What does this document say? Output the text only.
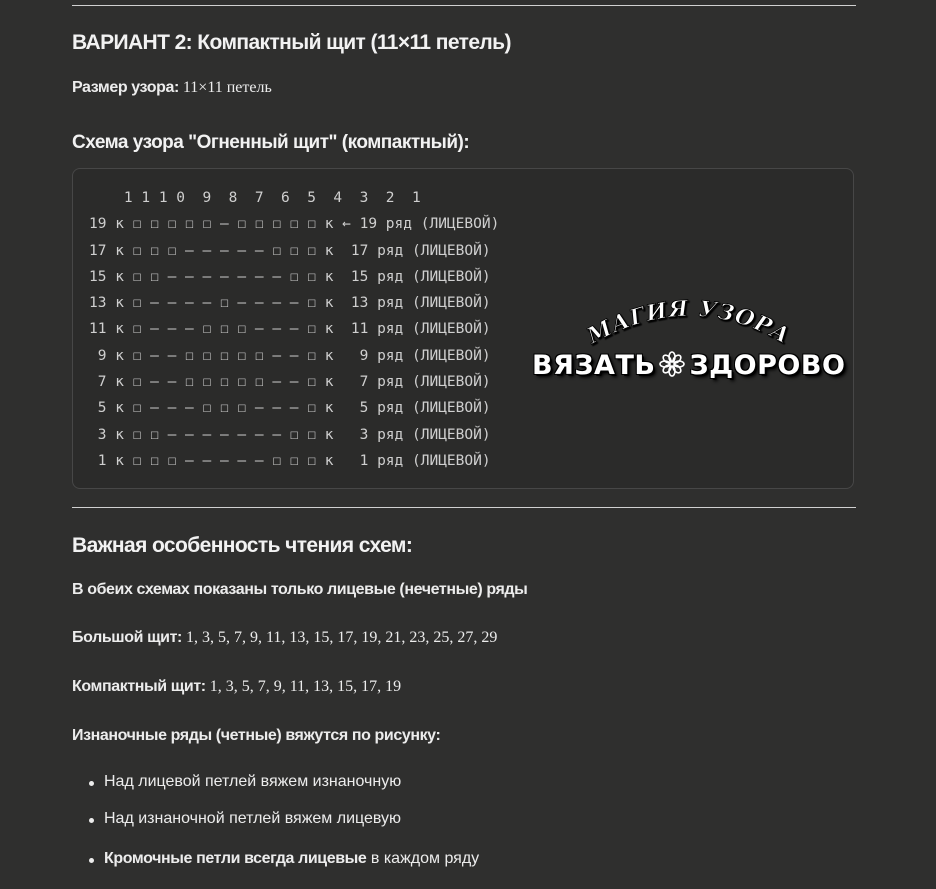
ВАРИАНТ 2: Компактный щит (11×11 петель)

Размер узора: 11×11 петель

Схема узора "Огненный щит" (компактный):
1 1 1 0  9  8  7  6  5  4  3  2  1
19 к ☐ ☐ ☐ ☐ ☐ — ☐ ☐ ☐ ☐ ☐ к ← 19 ряд (ЛИЦЕВОЙ)
17 к ☐ ☐ ☐ — — — — — ☐ ☐ ☐ к  17 ряд (ЛИЦЕВОЙ)
15 к ☐ ☐ — — — — — — — ☐ ☐ к  15 ряд (ЛИЦЕВОЙ)
13 к ☐ — — — — ☐ — — — — ☐ к  13 ряд (ЛИЦЕВОЙ)
11 к ☐ — — — ☐ ☐ ☐ — — — ☐ к  11 ряд (ЛИЦЕВОЙ)
9 к ☐ — — ☐ ☐ ☐ ☐ ☐ — — ☐ к   9 ряд (ЛИЦЕВОЙ)
7 к ☐ — — ☐ ☐ ☐ ☐ ☐ — — ☐ к   7 ряд (ЛИЦЕВОЙ)
5 к ☐ — — — ☐ ☐ ☐ — — — ☐ к   5 ряд (ЛИЦЕВОЙ)
3 к ☐ ☐ — — — — — — — ☐ ☐ к   3 ряд (ЛИЦЕВОЙ)
1 к ☐ ☐ ☐ — — — — — ☐ ☐ ☐ к   1 ряд (ЛИЦЕВОЙ)
МАГИЯ УЗОРА
ВЯЗАТЬ ЗДОРОВО
Важная особенность чтения схем:

В обеих схемах показаны только лицевые (нечетные) ряды

Большой щит: 1, 3, 5, 7, 9, 11, 13, 15, 17, 19, 21, 23, 25, 27, 29

Компактный щит: 1, 3, 5, 7, 9, 11, 13, 15, 17, 19

Изнаночные ряды (четные) вяжутся по рисунку:

Над лицевой петлей вяжем изнаночную
Над изнаночной петлей вяжем лицевую
Кромочные петли всегда лицевые в каждом ряду
